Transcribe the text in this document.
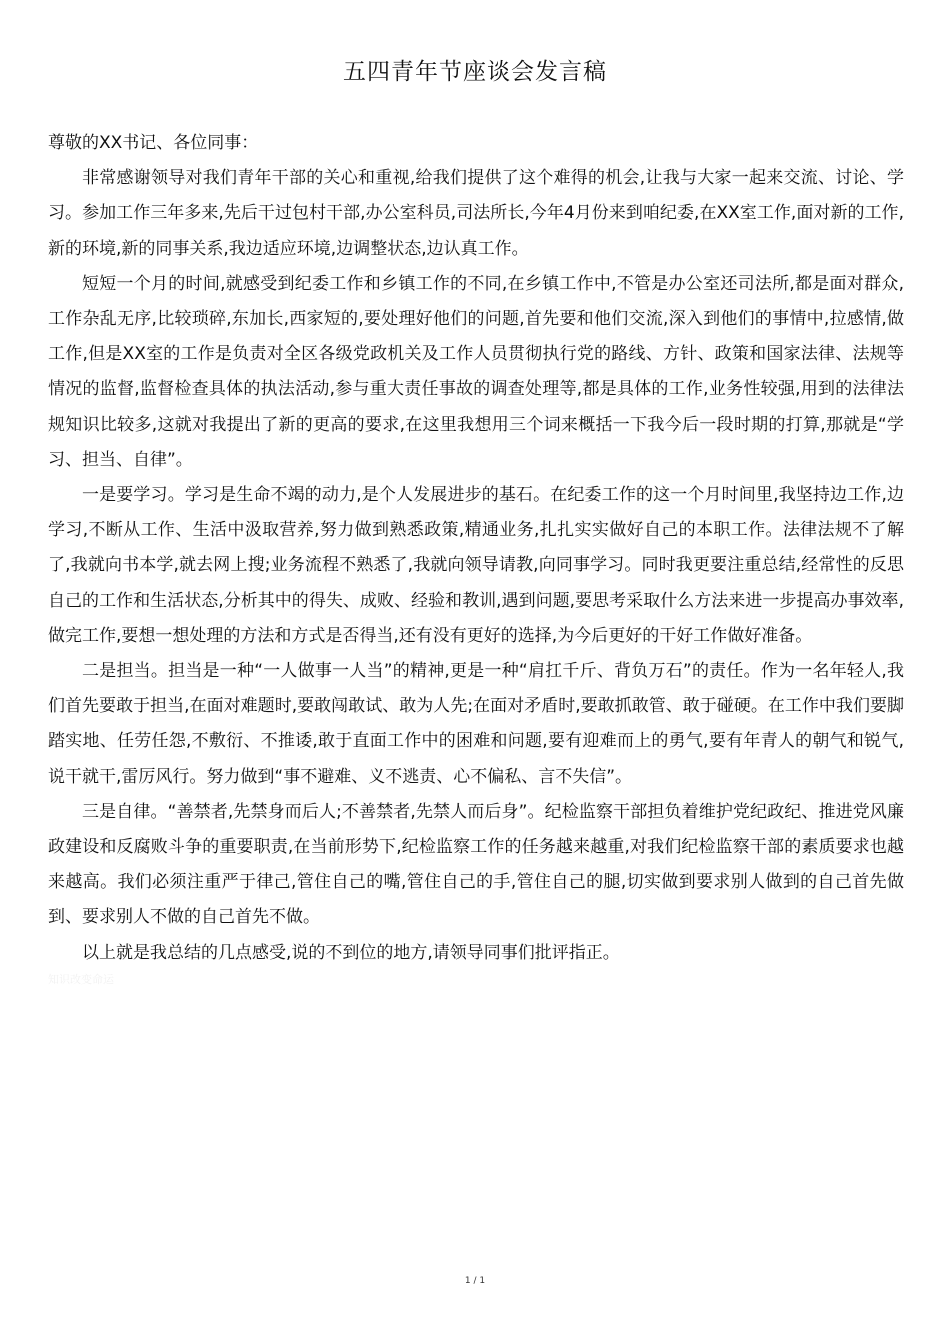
五四青年节座谈会发言稿

尊敬的XX书记、各位同事：

非常感谢领导对我们青年干部的关心和重视,给我们提供了这个难得的机会,让我与大家一起来交流、讨论、学习。参加工作三年多来,先后干过包村干部,办公室科员,司法所长,今年4月份来到咱纪委,在XX室工作,面对新的工作,新的环境,新的同事关系,我边适应环境,边调整状态,边认真工作。

短短一个月的时间,就感受到纪委工作和乡镇工作的不同,在乡镇工作中,不管是办公室还司法所,都是面对群众,工作杂乱无序,比较琐碎,东加长,西家短的,要处理好他们的问题,首先要和他们交流,深入到他们的事情中,拉感情,做工作,但是XX室的工作是负责对全区各级党政机关及工作人员贯彻执行党的路线、方针、政策和国家法律、法规等情况的监督,监督检查具体的执法活动,参与重大责任事故的调查处理等,都是具体的工作,业务性较强,用到的法律法规知识比较多,这就对我提出了新的更高的要求,在这里我想用三个词来概括一下我今后一段时期的打算,那就是“学习、担当、自律”。

一是要学习。学习是生命不竭的动力,是个人发展进步的基石。在纪委工作的这一个月时间里,我坚持边工作,边学习,不断从工作、生活中汲取营养,努力做到熟悉政策,精通业务,扎扎实实做好自己的本职工作。法律法规不了解了,我就向书本学,就去网上搜;业务流程不熟悉了,我就向领导请教,向同事学习。同时我更要注重总结,经常性的反思自己的工作和生活状态,分析其中的得失、成败、经验和教训,遇到问题,要思考采取什么方法来进一步提高办事效率,做完工作,要想一想处理的方法和方式是否得当,还有没有更好的选择,为今后更好的干好工作做好准备。

二是担当。担当是一种“一人做事一人当”的精神,更是一种“肩扛千斤、背负万石”的责任。作为一名年轻人,我们首先要敢于担当,在面对难题时,要敢闯敢试、敢为人先;在面对矛盾时,要敢抓敢管、敢于碰硬。在工作中我们要脚踏实地、任劳任怨,不敷衍、不推诿,敢于直面工作中的困难和问题,要有迎难而上的勇气,要有年青人的朝气和锐气,说干就干,雷厉风行。努力做到“事不避难、义不逃责、心不偏私、言不失信”。

三是自律。“善禁者,先禁身而后人;不善禁者,先禁人而后身”。纪检监察干部担负着维护党纪政纪、推进党风廉政建设和反腐败斗争的重要职责,在当前形势下,纪检监察工作的任务越来越重,对我们纪检监察干部的素质要求也越来越高。我们必须注重严于律己,管住自己的嘴,管住自己的手,管住自己的腿,切实做到要求别人做到的自己首先做到、要求别人不做的自己首先不做。

以上就是我总结的几点感受,说的不到位的地方,请领导同事们批评指正。

知识改变命运

1 / 1
